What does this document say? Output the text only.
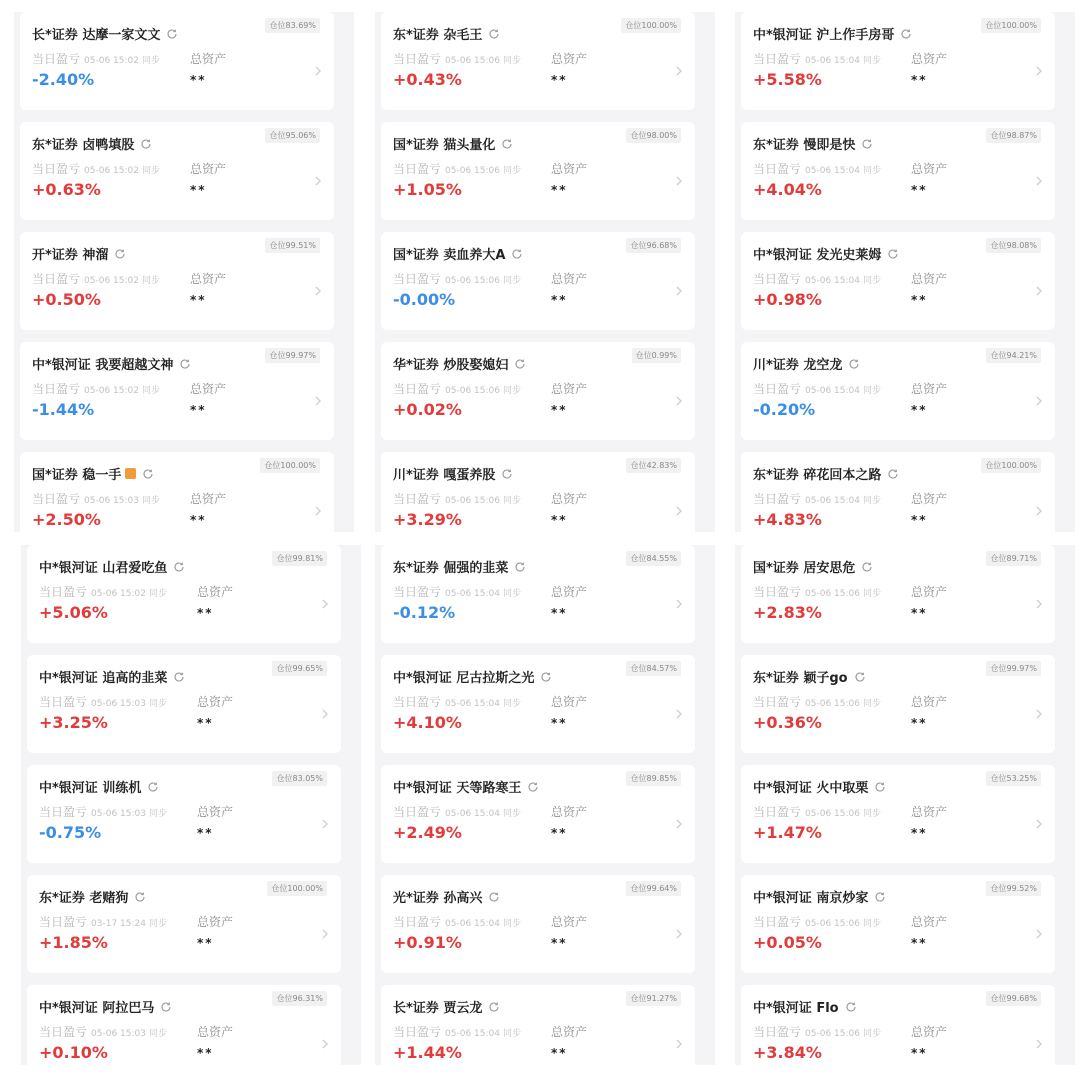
长*证券 达摩一家文文
仓位83.69%
当日盈亏 05-06 15:02 同步	总资产
-2.40%	**
东*证券 卤鸭填股
仓位95.06%
当日盈亏 05-06 15:02 同步	总资产
+0.63%	**
开*证券 神溜
仓位99.51%
当日盈亏 05-06 15:02 同步	总资产
+0.50%	**
中*银河证 我要超越文神
仓位99.97%
当日盈亏 05-06 15:02 同步	总资产
-1.44%	**
国*证券 稳一手
仓位100.00%
当日盈亏 05-06 15:03 同步	总资产
+2.50%	**
东*证券 杂毛王
仓位100.00%
当日盈亏 05-06 15:06 同步	总资产
+0.43%	**
国*证券 猫头量化
仓位98.00%
当日盈亏 05-06 15:06 同步	总资产
+1.05%	**
国*证券 卖血养大A
仓位96.68%
当日盈亏 05-06 15:06 同步	总资产
-0.00%	**
华*证券 炒股娶媳妇
仓位0.99%
当日盈亏 05-06 15:06 同步	总资产
+0.02%	**
川*证券 嘎蛋养股
仓位42.83%
当日盈亏 05-06 15:06 同步	总资产
+3.29%	**
中*银河证 沪上作手房哥
仓位100.00%
当日盈亏 05-06 15:04 同步	总资产
+5.58%	**
东*证券 慢即是快
仓位98.87%
当日盈亏 05-06 15:04 同步	总资产
+4.04%	**
中*银河证 发光史莱姆
仓位98.08%
当日盈亏 05-06 15:04 同步	总资产
+0.98%	**
川*证券 龙空龙
仓位94.21%
当日盈亏 05-06 15:04 同步	总资产
-0.20%	**
东*证券 碎花回本之路
仓位100.00%
当日盈亏 05-06 15:04 同步	总资产
+4.83%	**
中*银河证 山君爱吃鱼
仓位99.81%
当日盈亏 05-06 15:02 同步	总资产
+5.06%	**
中*银河证 追高的韭菜
仓位99.65%
当日盈亏 05-06 15:03 同步	总资产
+3.25%	**
中*银河证 训练机
仓位83.05%
当日盈亏 05-06 15:03 同步	总资产
-0.75%	**
东*证券 老赌狗
仓位100.00%
当日盈亏 03-17 15:24 同步	总资产
+1.85%	**
中*银河证 阿拉巴马
仓位96.31%
当日盈亏 05-06 15:03 同步	总资产
+0.10%	**
东*证券 倔强的韭菜
仓位84.55%
当日盈亏 05-06 15:04 同步	总资产
-0.12%	**
中*银河证 尼古拉斯之光
仓位84.57%
当日盈亏 05-06 15:04 同步	总资产
+4.10%	**
中*银河证 天等路寒王
仓位89.85%
当日盈亏 05-06 15:04 同步	总资产
+2.49%	**
光*证券 孙高兴
仓位99.64%
当日盈亏 05-06 15:04 同步	总资产
+0.91%	**
长*证券 贾云龙
仓位91.27%
当日盈亏 05-06 15:04 同步	总资产
+1.44%	**
国*证券 居安思危
仓位89.71%
当日盈亏 05-06 15:06 同步	总资产
+2.83%	**
东*证券 颖子go
仓位99.97%
当日盈亏 05-06 15:06 同步	总资产
+0.36%	**
中*银河证 火中取栗
仓位53.25%
当日盈亏 05-06 15:06 同步	总资产
+1.47%	**
中*银河证 南京炒家
仓位99.52%
当日盈亏 05-06 15:06 同步	总资产
+0.05%	**
中*银河证 Flo
仓位99.68%
当日盈亏 05-06 15:06 同步	总资产
+3.84%	**
